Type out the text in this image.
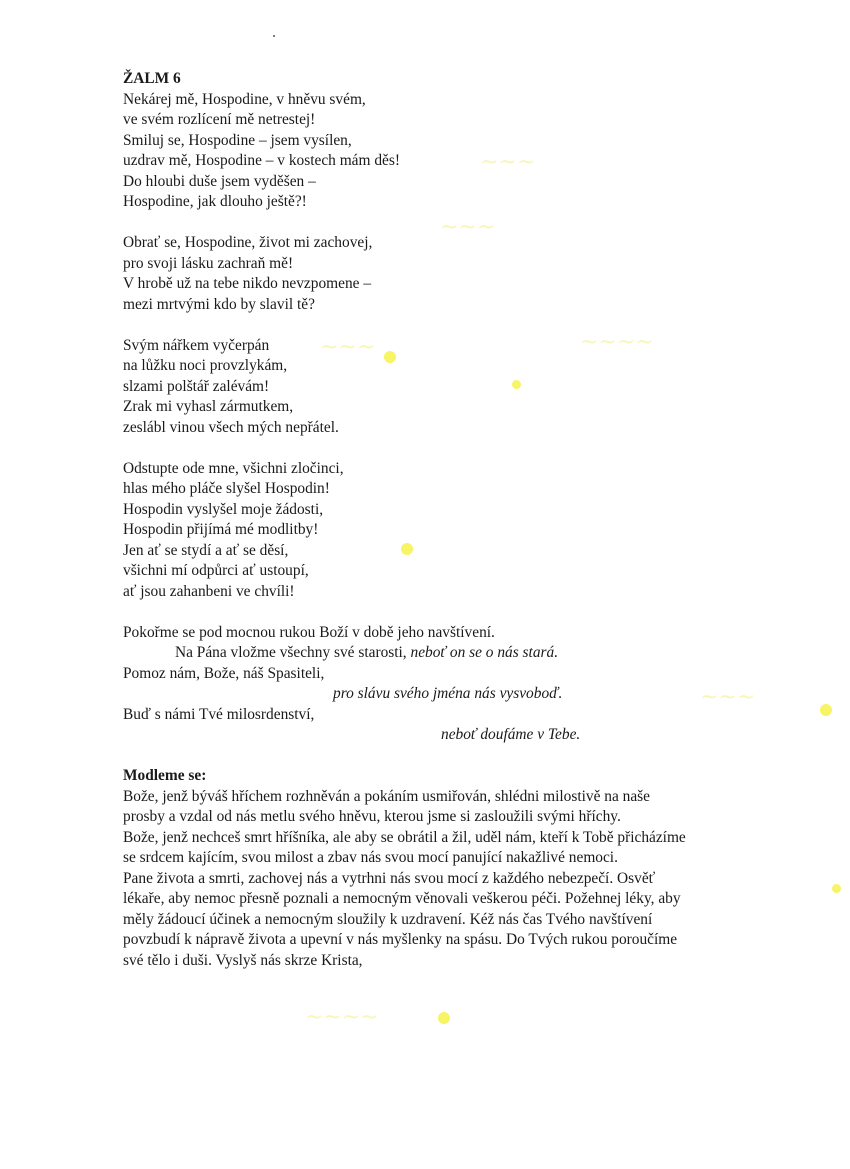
~~~
~~~
~~~	~~~~
~~~
~~~~
ŽALM 6
Nekárej mě, Hospodine, v hněvu svém,
ve svém rozlícení mě netrestej!
Smiluj se, Hospodine – jsem vysílen,
uzdrav mě, Hospodine – v kostech mám děs!
Do hloubi duše jsem vyděšen –
Hospodine, jak dlouho ještě?!
Obrať se, Hospodine, život mi zachovej,
pro svoji lásku zachraň mě!
V hrobě už na tebe nikdo nevzpomene –
mezi mrtvými kdo by slavil tě?
Svým nářkem vyčerpán
na lůžku noci provzlykám,
slzami polštář zalévám!
Zrak mi vyhasl zármutkem,
zeslábl vinou všech mých nepřátel.
Odstupte ode mne, všichni zločinci,
hlas mého pláče slyšel Hospodin!
Hospodin vyslyšel moje žádosti,
Hospodin přijímá mé modlitby!
Jen ať se stydí a ať se děsí,
všichni mí odpůrci ať ustoupí,
ať jsou zahanbeni ve chvíli!
Pokořme se pod mocnou rukou Boží v době jeho navštívení.
Na Pána vložme všechny své starosti, neboť on se o nás stará.
Pomoz nám, Bože, náš Spasiteli,
pro slávu svého jména nás vysvoboď.
Buď s námi Tvé milosrdenství,
neboť doufáme v Tebe.
Modleme se:
Bože, jenž býváš hříchem rozhněván a pokáním usmiřován, shlédni milostivě na naše
prosby a vzdal od nás metlu svého hněvu, kterou jsme si zasloužili svými hříchy.
Bože, jenž nechceš smrt hříšníka, ale aby se obrátil a žil, uděl nám, kteří k Tobě přicházíme
se srdcem kajícím, svou milost a zbav nás svou mocí panující nakažlivé nemoci.
Pane života a smrti, zachovej nás a vytrhni nás svou mocí z každého nebezpečí. Osvěť
lékaře, aby nemoc přesně poznali a nemocným věnovali veškerou péči. Požehnej léky, aby
měly žádoucí účinek a nemocným sloužily k uzdravení. Kéž nás čas Tvého navštívení
povzbudí k nápravě života a upevní v nás myšlenky na spásu. Do Tvých rukou poroučíme
své tělo i duši. Vyslyš nás skrze Krista,
